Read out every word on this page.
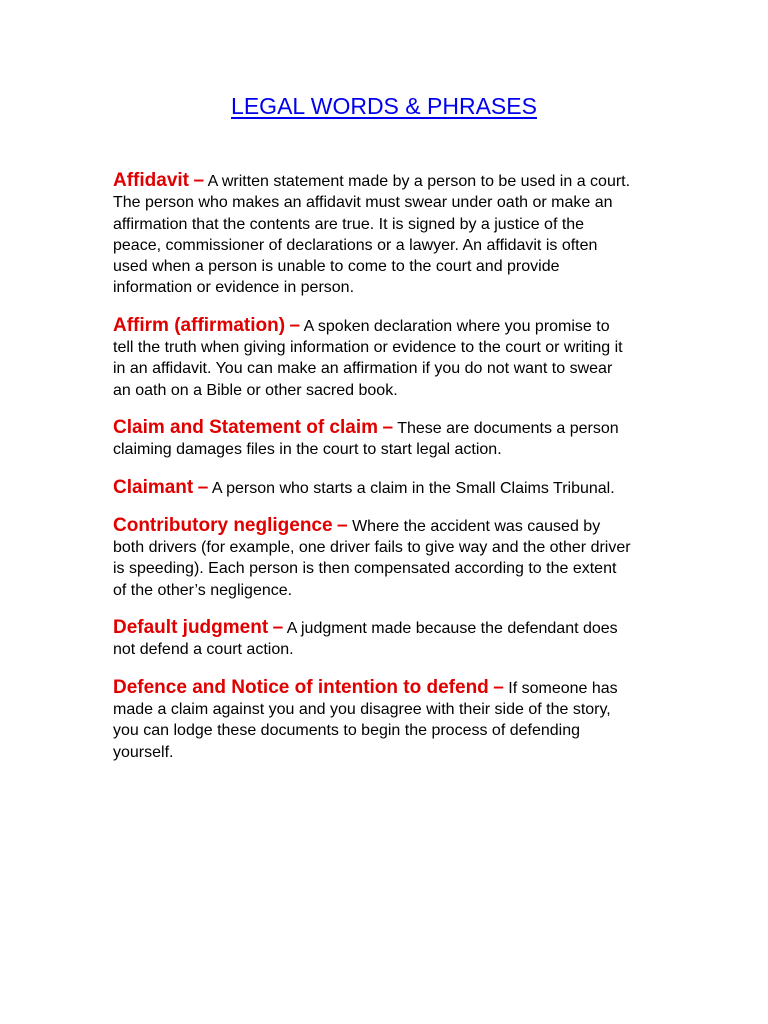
LEGAL WORDS & PHRASES

Affidavit – A written statement made by a person to be used in a court. The person who makes an affidavit must swear under oath or make an affirmation that the contents are true. It is signed by a justice of the peace, commissioner of declarations or a lawyer. An affidavit is often used when a person is unable to come to the court and provide information or evidence in person.

Affirm (affirmation) – A spoken declaration where you promise to tell the truth when giving information or evidence to the court or writing it in an affidavit. You can make an affirmation if you do not want to swear an oath on a Bible or other sacred book.

Claim and Statement of claim – These are documents a person claiming damages files in the court to start legal action.

Claimant – A person who starts a claim in the Small Claims Tribunal.

Contributory negligence – Where the accident was caused by both drivers (for example, one driver fails to give way and the other driver is speeding). Each person is then compensated according to the extent of the other’s negligence.

Default judgment – A judgment made because the defendant does not defend a court action.

Defence and Notice of intention to defend – If someone has made a claim against you and you disagree with their side of the story, you can lodge these documents to begin the process of defending yourself.
